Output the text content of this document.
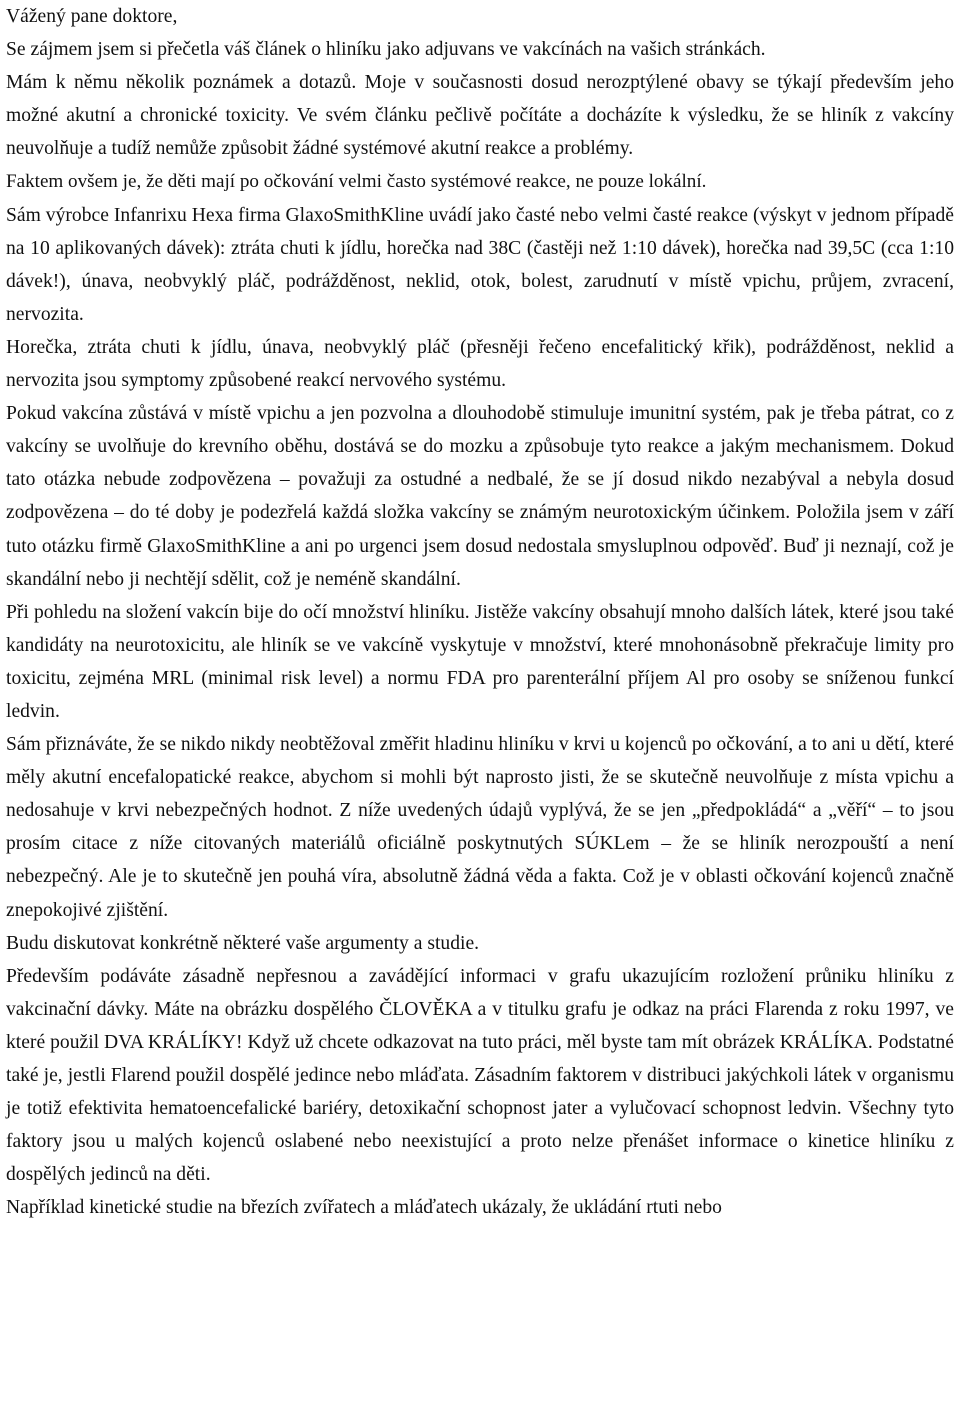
Vážený pane doktore,

Se zájmem jsem si přečetla váš článek o hliníku jako adjuvans ve vakcínách na vašich stránkách.

Mám k němu několik poznámek a dotazů. Moje v současnosti dosud nerozptýlené obavy se týkají především jeho možné akutní a chronické toxicity. Ve svém článku pečlivě počítáte a docházíte k výsledku, že se hliník z vakcíny neuvolňuje a tudíž nemůže způsobit žádné systémové akutní reakce a problémy.

Faktem ovšem je, že děti mají po očkování velmi často systémové reakce, ne pouze lokální.

Sám výrobce Infanrixu Hexa firma GlaxoSmithKline uvádí jako časté nebo velmi časté reakce (výskyt v jednom případě na 10 aplikovaných dávek): ztráta chuti k jídlu, horečka nad 38C (častěji než 1:10 dávek), horečka nad 39,5C (cca 1:10 dávek!), únava, neobvyklý pláč, podrážděnost, neklid, otok, bolest, zarudnutí v místě vpichu, průjem, zvracení, nervozita.

Horečka, ztráta chuti k jídlu, únava, neobvyklý pláč (přesněji řečeno encefalitický křik), podrážděnost, neklid a nervozita jsou symptomy způsobené reakcí nervového systému.

Pokud vakcína zůstává v místě vpichu a jen pozvolna a dlouhodobě stimuluje imunitní systém, pak je třeba pátrat, co z vakcíny se uvolňuje do krevního oběhu, dostává se do mozku a způsobuje tyto reakce a jakým mechanismem. Dokud tato otázka nebude zodpovězena – považuji za ostudné a nedbalé, že se jí dosud nikdo nezabýval a nebyla dosud zodpovězena – do té doby je podezřelá každá složka vakcíny se známým neurotoxickým účinkem. Položila jsem v září tuto otázku firmě GlaxoSmithKline a ani po urgenci jsem dosud nedostala smysluplnou odpověď. Buď ji neznají, což je skandální nebo ji nechtějí sdělit, což je neméně skandální.

Při pohledu na složení vakcín bije do očí množství hliníku. Jistěže vakcíny obsahují mnoho dalších látek, které jsou také kandidáty na neurotoxicitu, ale hliník se ve vakcíně vyskytuje v množství, které mnohonásobně překračuje limity pro toxicitu, zejména MRL (minimal risk level) a normu FDA pro parenterální příjem Al pro osoby se sníženou funkcí ledvin.

Sám přiznáváte, že se nikdo nikdy neobtěžoval změřit hladinu hliníku v krvi u kojenců po očkování, a to ani u dětí, které měly akutní encefalopatické reakce, abychom si mohli být naprosto jisti, že se skutečně neuvolňuje z místa vpichu a nedosahuje v krvi nebezpečných hodnot. Z níže uvedených údajů vyplývá, že se jen „předpokládá“ a „věří“ – to jsou prosím citace z níže citovaných materiálů oficiálně poskytnutých SÚKLem – že se hliník nerozpouští a není nebezpečný. Ale je to skutečně jen pouhá víra, absolutně žádná věda a fakta. Což je v oblasti očkování kojenců značně znepokojivé zjištění.

Budu diskutovat konkrétně některé vaše argumenty a studie.

Především podáváte zásadně nepřesnou a zavádějící informaci v grafu ukazujícím rozložení průniku hliníku z vakcinační dávky. Máte na obrázku dospělého ČLOVĚKA a v titulku grafu je odkaz na práci Flarenda z roku 1997, ve které použil DVA KRÁLÍKY! Když už chcete odkazovat na tuto práci, měl byste tam mít obrázek KRÁLÍKA. Podstatné také je, jestli Flarend použil dospělé jedince nebo mláďata. Zásadním faktorem v distribuci jakýchkoli látek v organismu je totiž efektivita hematoencefalické bariéry, detoxikační schopnost jater a vylučovací schopnost ledvin. Všechny tyto faktory jsou u malých kojenců oslabené nebo neexistující a proto nelze přenášet informace o kinetice hliníku z dospělých jedinců na děti.

Například kinetické studie na březích zvířatech a mláďatech ukázaly, že ukládání rtuti nebo
